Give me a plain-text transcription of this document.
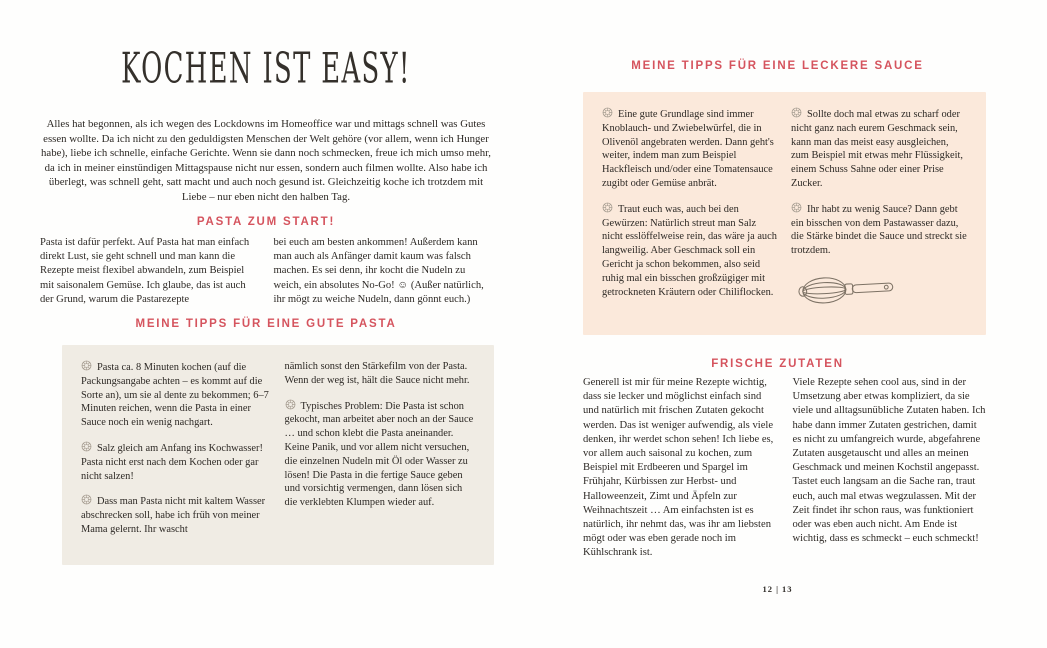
KOCHEN IST EASY!

Alles hat begonnen, als ich wegen des Lockdowns im Homeoffice war und mittags schnell was Gutes essen wollte. Da ich nicht zu den geduldigsten Menschen der Welt gehöre (vor allem, wenn ich Hunger habe), liebe ich schnelle, einfache Gerichte. Wenn sie dann noch schmecken, freue ich mich umso mehr, da ich in meiner einstündigen Mittagspause nicht nur essen, sondern auch filmen wollte. Also habe ich überlegt, was schnell geht, satt macht und auch noch gesund ist. Gleichzeitig koche ich trotzdem mit Liebe – nur eben nicht den halben Tag.

PASTA ZUM START!

Pasta ist dafür perfekt. Auf Pasta hat man einfach direkt Lust, sie geht schnell und man kann die Rezepte meist flexibel abwandeln, zum Beispiel mit saisonalem Gemüse. Ich glaube, das ist auch der Grund, warum die Pastarezepte

bei euch am besten ankommen! Außerdem kann man auch als Anfänger damit kaum was falsch machen. Es sei denn, ihr kocht die Nudeln zu weich, ein absolutes No-Go! ☺ (Außer natürlich, ihr mögt zu weiche Nudeln, dann gönnt euch.)

MEINE TIPPS FÜR EINE GUTE PASTA

Pasta ca. 8 Minuten kochen (auf die Packungsangabe achten – es kommt auf die Sorte an), um sie al dente zu bekommen; 6–7 Minuten reichen, wenn die Pasta in einer Sauce noch ein wenig nachgart.

Salz gleich am Anfang ins Kochwasser! Pasta nicht erst nach dem Kochen oder gar nicht salzen!

Dass man Pasta nicht mit kaltem Wasser abschrecken soll, habe ich früh von meiner Mama gelernt. Ihr wascht

nämlich sonst den Stärkefilm von der Pasta. Wenn der weg ist, hält die Sauce nicht mehr.

Typisches Problem: Die Pasta ist schon gekocht, man arbeitet aber noch an der Sauce … und schon klebt die Pasta aneinander. Keine Panik, und vor allem nicht versuchen, die einzelnen Nudeln mit Öl oder Wasser zu lösen! Die Pasta in die fertige Sauce geben und vorsichtig vermengen, dann lösen sich die verklebten Klumpen wieder auf.

MEINE TIPPS FÜR EINE LECKERE SAUCE

Eine gute Grundlage sind immer Knoblauch- und Zwiebelwürfel, die in Olivenöl angebraten werden. Dann geht's weiter, indem man zum Beispiel Hackfleisch und/oder eine Tomatensauce zugibt oder Gemüse anbrät.

Traut euch was, auch bei den Gewürzen: Natürlich streut man Salz nicht esslöffelweise rein, das wäre ja auch langweilig. Aber Geschmack soll ein Gericht ja schon bekommen, also seid ruhig mal ein bisschen großzügiger mit getrockneten Kräutern oder Chiliflocken.

Sollte doch mal etwas zu scharf oder nicht ganz nach eurem Geschmack sein, kann man das meist easy ausgleichen, zum Beispiel mit etwas mehr Flüssigkeit, einem Schuss Sahne oder einer Prise Zucker.

Ihr habt zu wenig Sauce? Dann gebt ein bisschen von dem Pastawasser dazu, die Stärke bindet die Sauce und streckt sie trotzdem.

FRISCHE ZUTATEN

Generell ist mir für meine Rezepte wichtig, dass sie lecker und möglichst einfach sind und natürlich mit frischen Zutaten gekocht werden. Das ist weniger aufwendig, als viele denken, ihr werdet schon sehen! Ich liebe es, vor allem auch saisonal zu kochen, zum Beispiel mit Erdbeeren und Spargel im Frühjahr, Kürbissen zur Herbst- und Halloweenzeit, Zimt und Äpfeln zur Weihnachtszeit … Am einfachsten ist es natürlich, ihr nehmt das, was ihr am liebsten mögt oder was eben gerade noch im Kühlschrank ist.

Viele Rezepte sehen cool aus, sind in der Umsetzung aber etwas kompliziert, da sie viele und alltagsunübliche Zutaten haben. Ich habe dann immer Zutaten gestrichen, damit es nicht zu umfangreich wurde, abgefahrene Zutaten ausgetauscht und alles an meinen Geschmack und meinen Kochstil angepasst. Tastet euch langsam an die Sache ran, traut euch, auch mal etwas wegzulassen. Mit der Zeit findet ihr schon raus, was funktioniert oder was eben auch nicht. Am Ende ist wichtig, dass es schmeckt – euch schmeckt!

12 | 13
